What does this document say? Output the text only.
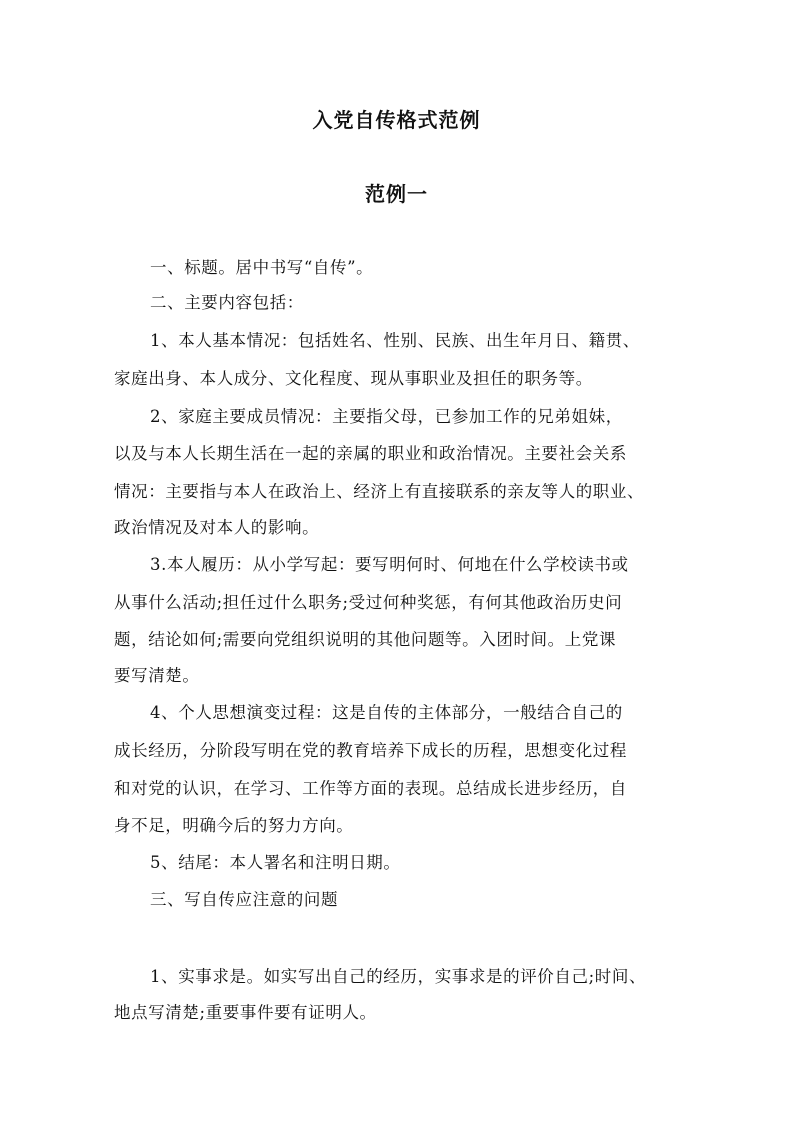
入党自传格式范例
范例一
一、标题。居中书写“自传”。
二、主要内容包括：
1、本人基本情况：包括姓名、性别、民族、出生年月日、籍贯、
家庭出身、本人成分、文化程度、现从事职业及担任的职务等。
2、家庭主要成员情况：主要指父母，已参加工作的兄弟姐妹，
以及与本人长期生活在一起的亲属的职业和政治情况。主要社会关系
情况：主要指与本人在政治上、经济上有直接联系的亲友等人的职业、
政治情况及对本人的影响。
3.本人履历：从小学写起：要写明何时、何地在什么学校读书或
从事什么活动;担任过什么职务;受过何种奖惩，有何其他政治历史问
题，结论如何;需要向党组织说明的其他问题等。入团时间。上党课
要写清楚。
4、个人思想演变过程：这是自传的主体部分，一般结合自己的
成长经历，分阶段写明在党的教育培养下成长的历程，思想变化过程
和对党的认识，在学习、工作等方面的表现。总结成长进步经历，自
身不足，明确今后的努力方向。
5、结尾：本人署名和注明日期。
三、写自传应注意的问题
1、实事求是。如实写出自己的经历，实事求是的评价自己;时间、
地点写清楚;重要事件要有证明人。
